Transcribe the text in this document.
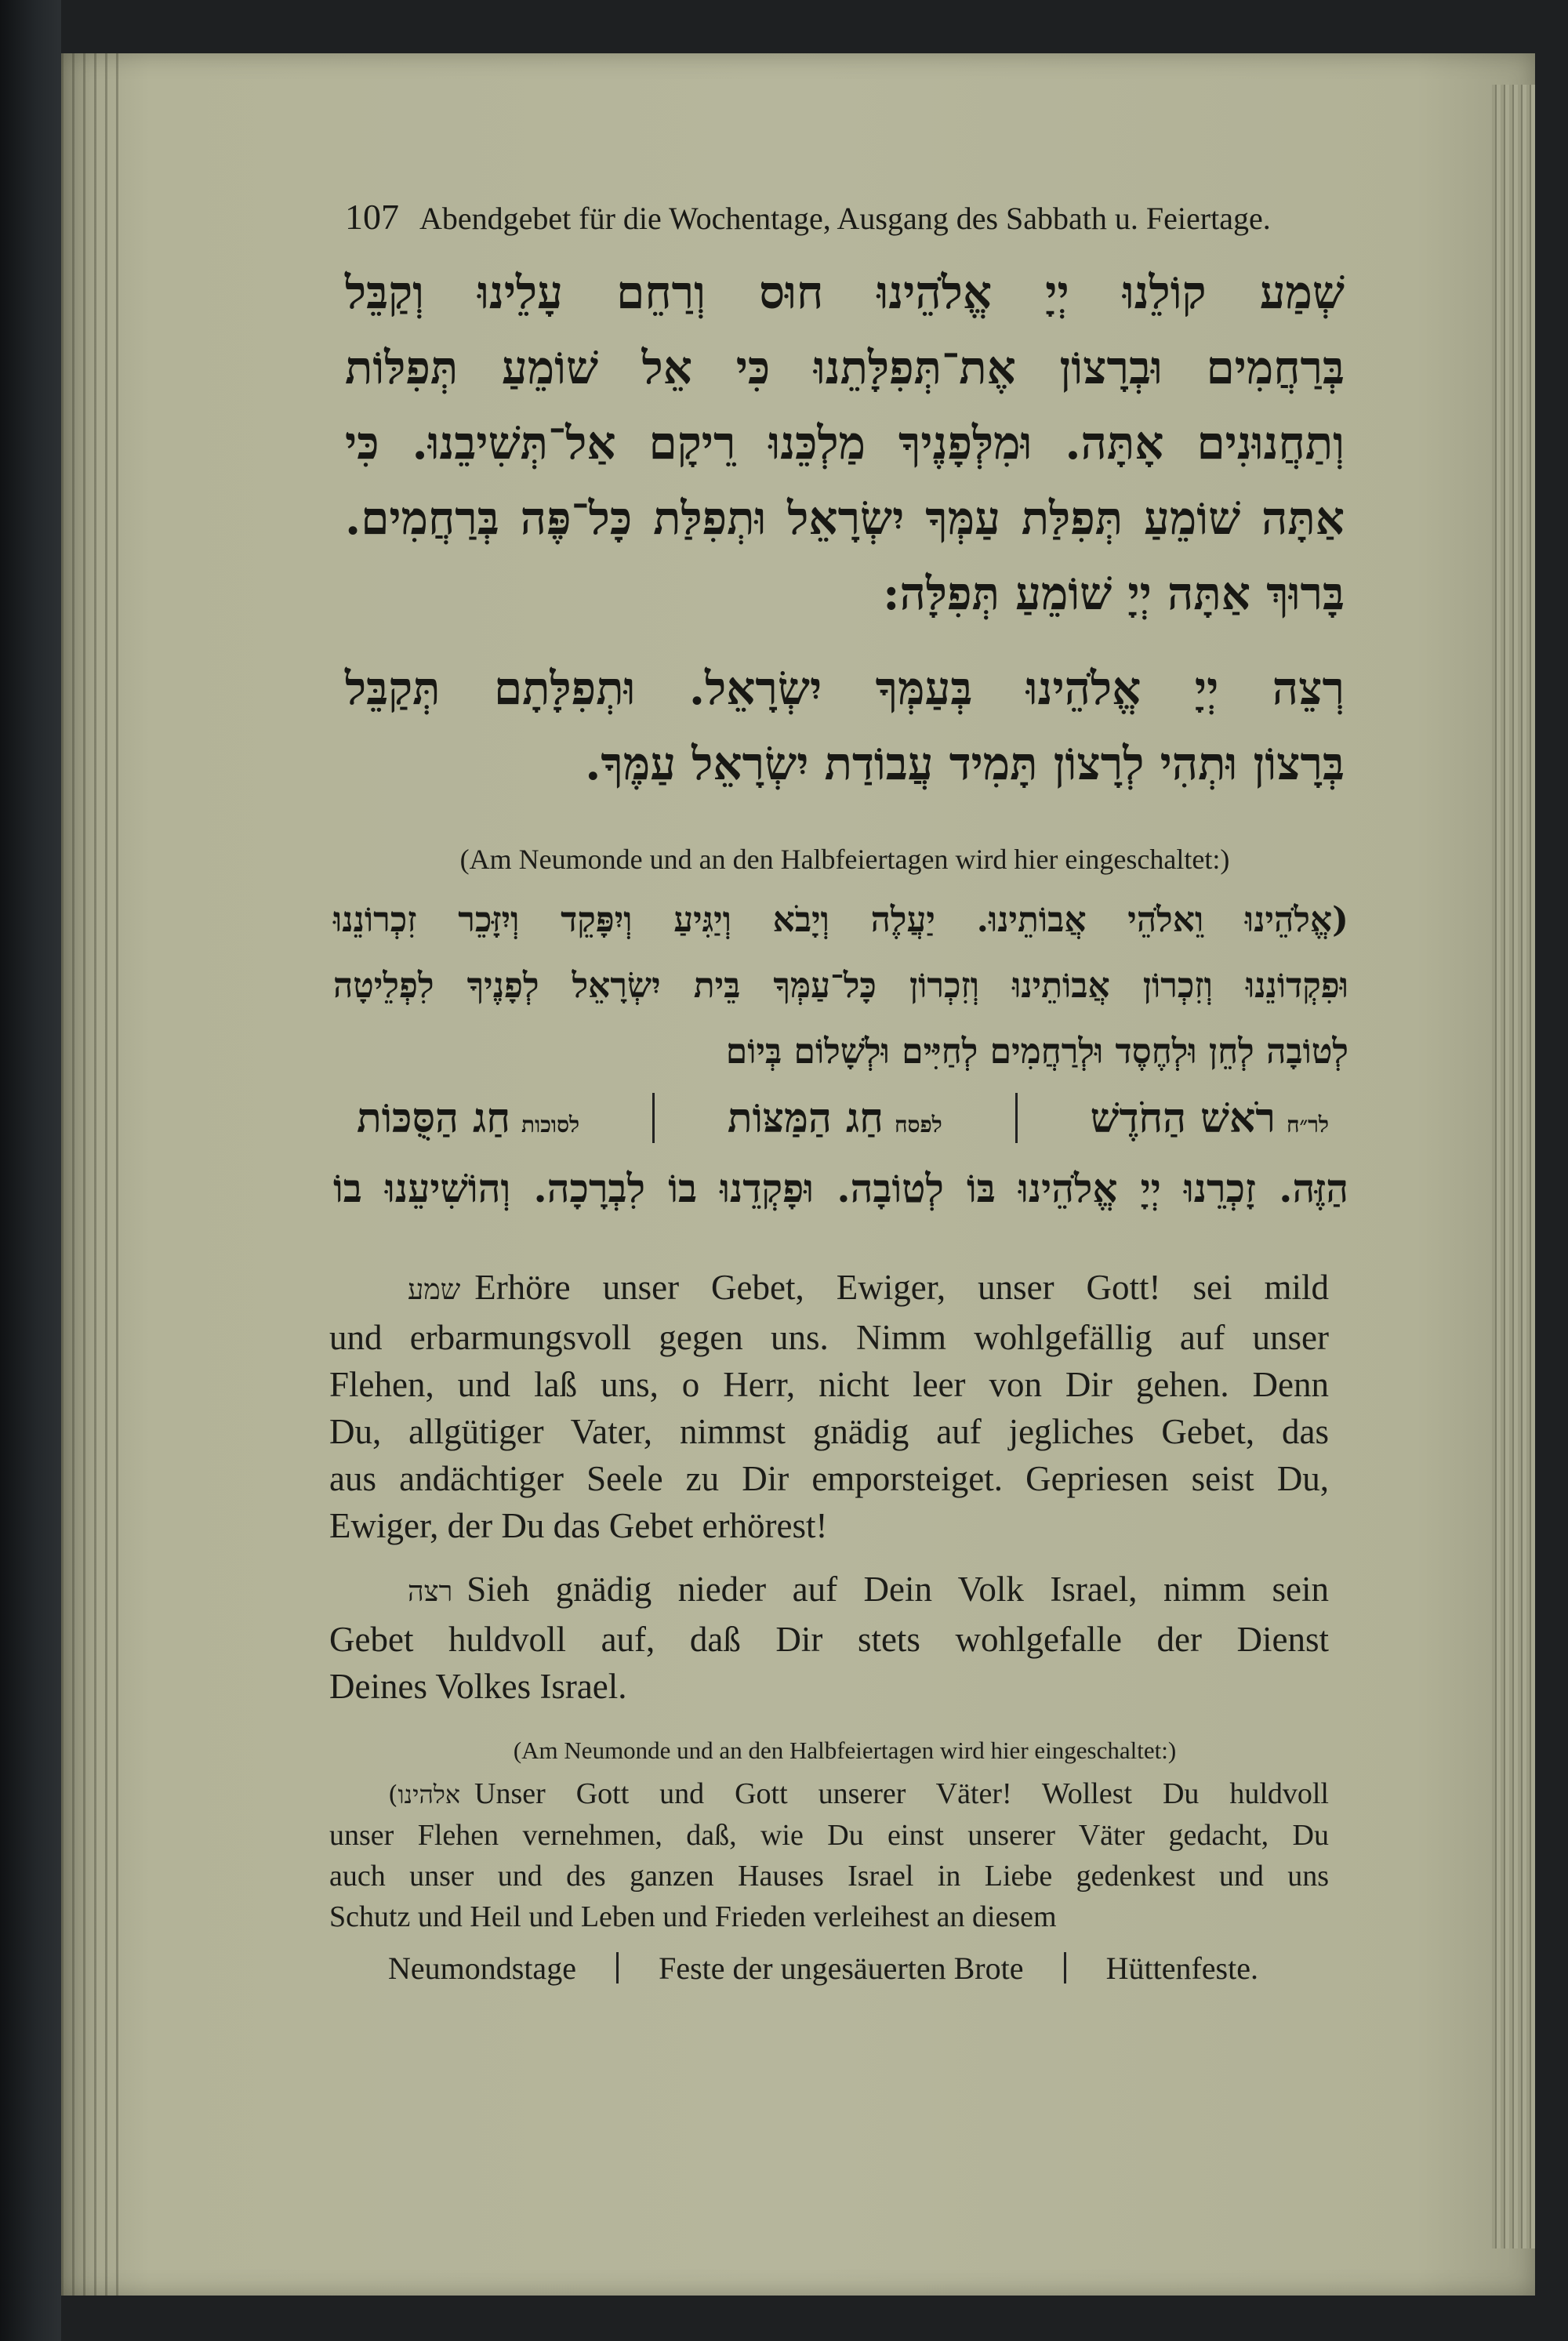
107 Abendgebet für die Wochentage, Ausgang des Sabbath u. Feiertage.
שְׁמַע קוֹלֵנוּ יְיָ אֱלֹהֵינוּ חוּס וְרַחֵם עָלֵינוּ וְקַבֵּל
בְּרַחֲמִים וּבְרָצוֹן אֶת־תְּפִלָּתֵנוּ כִּי אֵל שׁוֹמֵעַ תְּפִלּוֹת
וְתַחֲנוּנִים אָתָּה. וּמִלְּפָנֶיךָ מַלְכֵּנוּ רֵיקָם אַל־תְּשִׁיבֵנוּ. כִּי
אַתָּה שׁוֹמֵעַ תְּפִלַּת עַמְּךָ יִשְׂרָאֵל וּתְפִלַּת כָּל־פֶּה בְּרַחֲמִים.
בָּרוּךְ אַתָּה יְיָ שׁוֹמֵעַ תְּפִלָּה:
רְצֵה יְיָ אֱלֹהֵינוּ בְּעַמְּךָ יִשְׂרָאֵל. וּתְפִלָּתָם תְּקַבֵּל
בְּרָצוֹן וּתְהִי לְרָצוֹן תָּמִיד עֲבוֹדַת יִשְׂרָאֵל עַמֶּךָ.
(Am Neumonde und an den Halbfeiertagen wird hier eingeschaltet:)
(אֱלֹהֵינוּ וֵאלֹהֵי אֲבוֹתֵינוּ. יַעֲלֶה וְיָבֹא וְיַגִּיעַ וְיִפָּקֵד וְיִזָּכֵר זִכְרוֹנֵנוּ
וּפִקְדוֹנֵנוּ וְזִכְרוֹן אֲבוֹתֵינוּ וְזִכְרוֹן כָּל־עַמְּךָ בֵּית יִשְׂרָאֵל לְפָנֶיךָ לִפְלֵיטָה
לְטוֹבָה לְחֵן וּלְחֶסֶד וּלְרַחֲמִים לְחַיִּים וּלְשָׁלוֹם בְּיוֹם
לר״ח
רֹאשׁ הַחֹדֶשׁ
לפסח
חַג הַמַּצּוֹת
לסוכות
חַג הַסֻּכּוֹת
הַזֶּה. זָכְרֵנוּ יְיָ אֱלֹהֵינוּ בּוֹ לְטוֹבָה. וּפָקְדֵנוּ בוֹ לִבְרָכָה. וְהוֹשִׁיעֵנוּ בוֹ
שמע Erhöre unser Gebet, Ewiger, unser Gott! sei mild
und erbarmungsvoll gegen uns. Nimm wohlgefällig auf unser
Flehen, und laß uns, o Herr, nicht leer von Dir gehen. Denn
Du, allgütiger Vater, nimmst gnädig auf jegliches Gebet, das
aus andächtiger Seele zu Dir emporsteiget. Gepriesen seist Du,
Ewiger, der Du das Gebet erhörest!
רצה Sieh gnädig nieder auf Dein Volk Israel, nimm sein
Gebet huldvoll auf, daß Dir stets wohlgefalle der Dienst
Deines Volkes Israel.
(Am Neumonde und an den Halbfeiertagen wird hier eingeschaltet:)
(אלהינו Unser Gott und Gott unserer Väter! Wollest Du huldvoll
unser Flehen vernehmen, daß, wie Du einst unserer Väter gedacht, Du
auch unser und des ganzen Hauses Israel in Liebe gedenkest und uns
Schutz und Heil und Leben und Frieden verleihest an diesem
Neumondstage	Feste der ungesäuerten Brote	Hüttenfeste.
